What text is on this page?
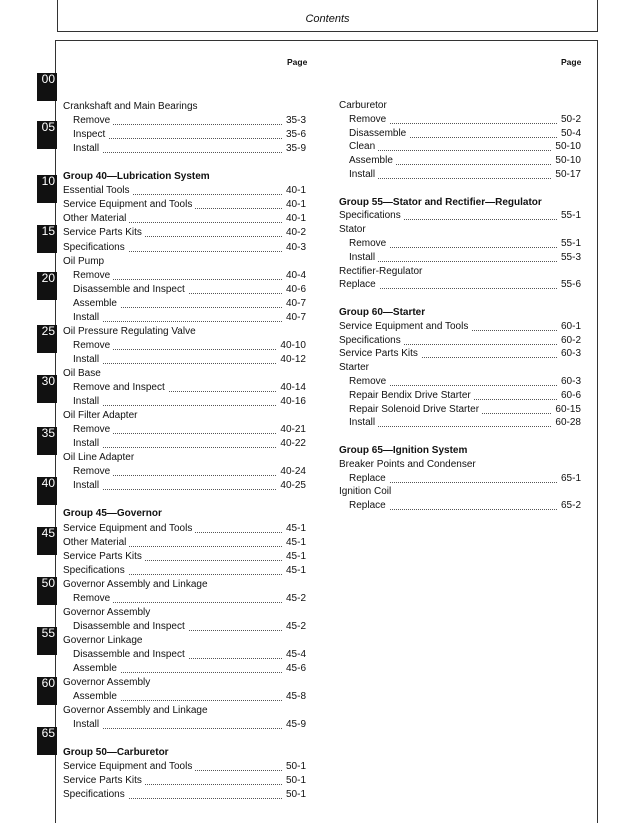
Contents
Page	Page
00
05
10
15
20
25
30
35
40
45
50
55
60
65
Crankshaft and Main Bearings
Remove	35-3
Inspect	35-6
Install	35-9
Group 40—Lubrication System
Essential Tools	40-1
Service Equipment and Tools	40-1
Other Material	40-1
Service Parts Kits	40-2
Specifications	40-3
Oil Pump
Remove	40-4
Disassemble and Inspect	40-6
Assemble	40-7
Install	40-7
Oil Pressure Regulating Valve
Remove	40-10
Install	40-12
Oil Base
Remove and Inspect	40-14
Install	40-16
Oil Filter Adapter
Remove	40-21
Install	40-22
Oil Line Adapter
Remove	40-24
Install	40-25
Group 45—Governor
Service Equipment and Tools	45-1
Other Material	45-1
Service Parts Kits	45-1
Specifications	45-1
Governor Assembly and Linkage
Remove	45-2
Governor Assembly
Disassemble and Inspect	45-2
Governor Linkage
Disassemble and Inspect	45-4
Assemble	45-6
Governor Assembly
Assemble	45-8
Governor Assembly and Linkage
Install	45-9
Group 50—Carburetor
Service Equipment and Tools	50-1
Service Parts Kits	50-1
Specifications	50-1
Carburetor
Remove	50-2
Disassemble	50-4
Clean	50-10
Assemble	50-10
Install	50-17
Group 55—Stator and Rectifier—Regulator
Specifications	55-1
Stator
Remove	55-1
Install	55-3
Rectifier-Regulator
Replace	55-6
Group 60—Starter
Service Equipment and Tools	60-1
Specifications	60-2
Service Parts Kits	60-3
Starter
Remove	60-3
Repair Bendix Drive Starter	60-6
Repair Solenoid Drive Starter	60-15
Install	60-28
Group 65—Ignition System
Breaker Points and Condenser
Replace	65-1
Ignition Coil
Replace	65-2
